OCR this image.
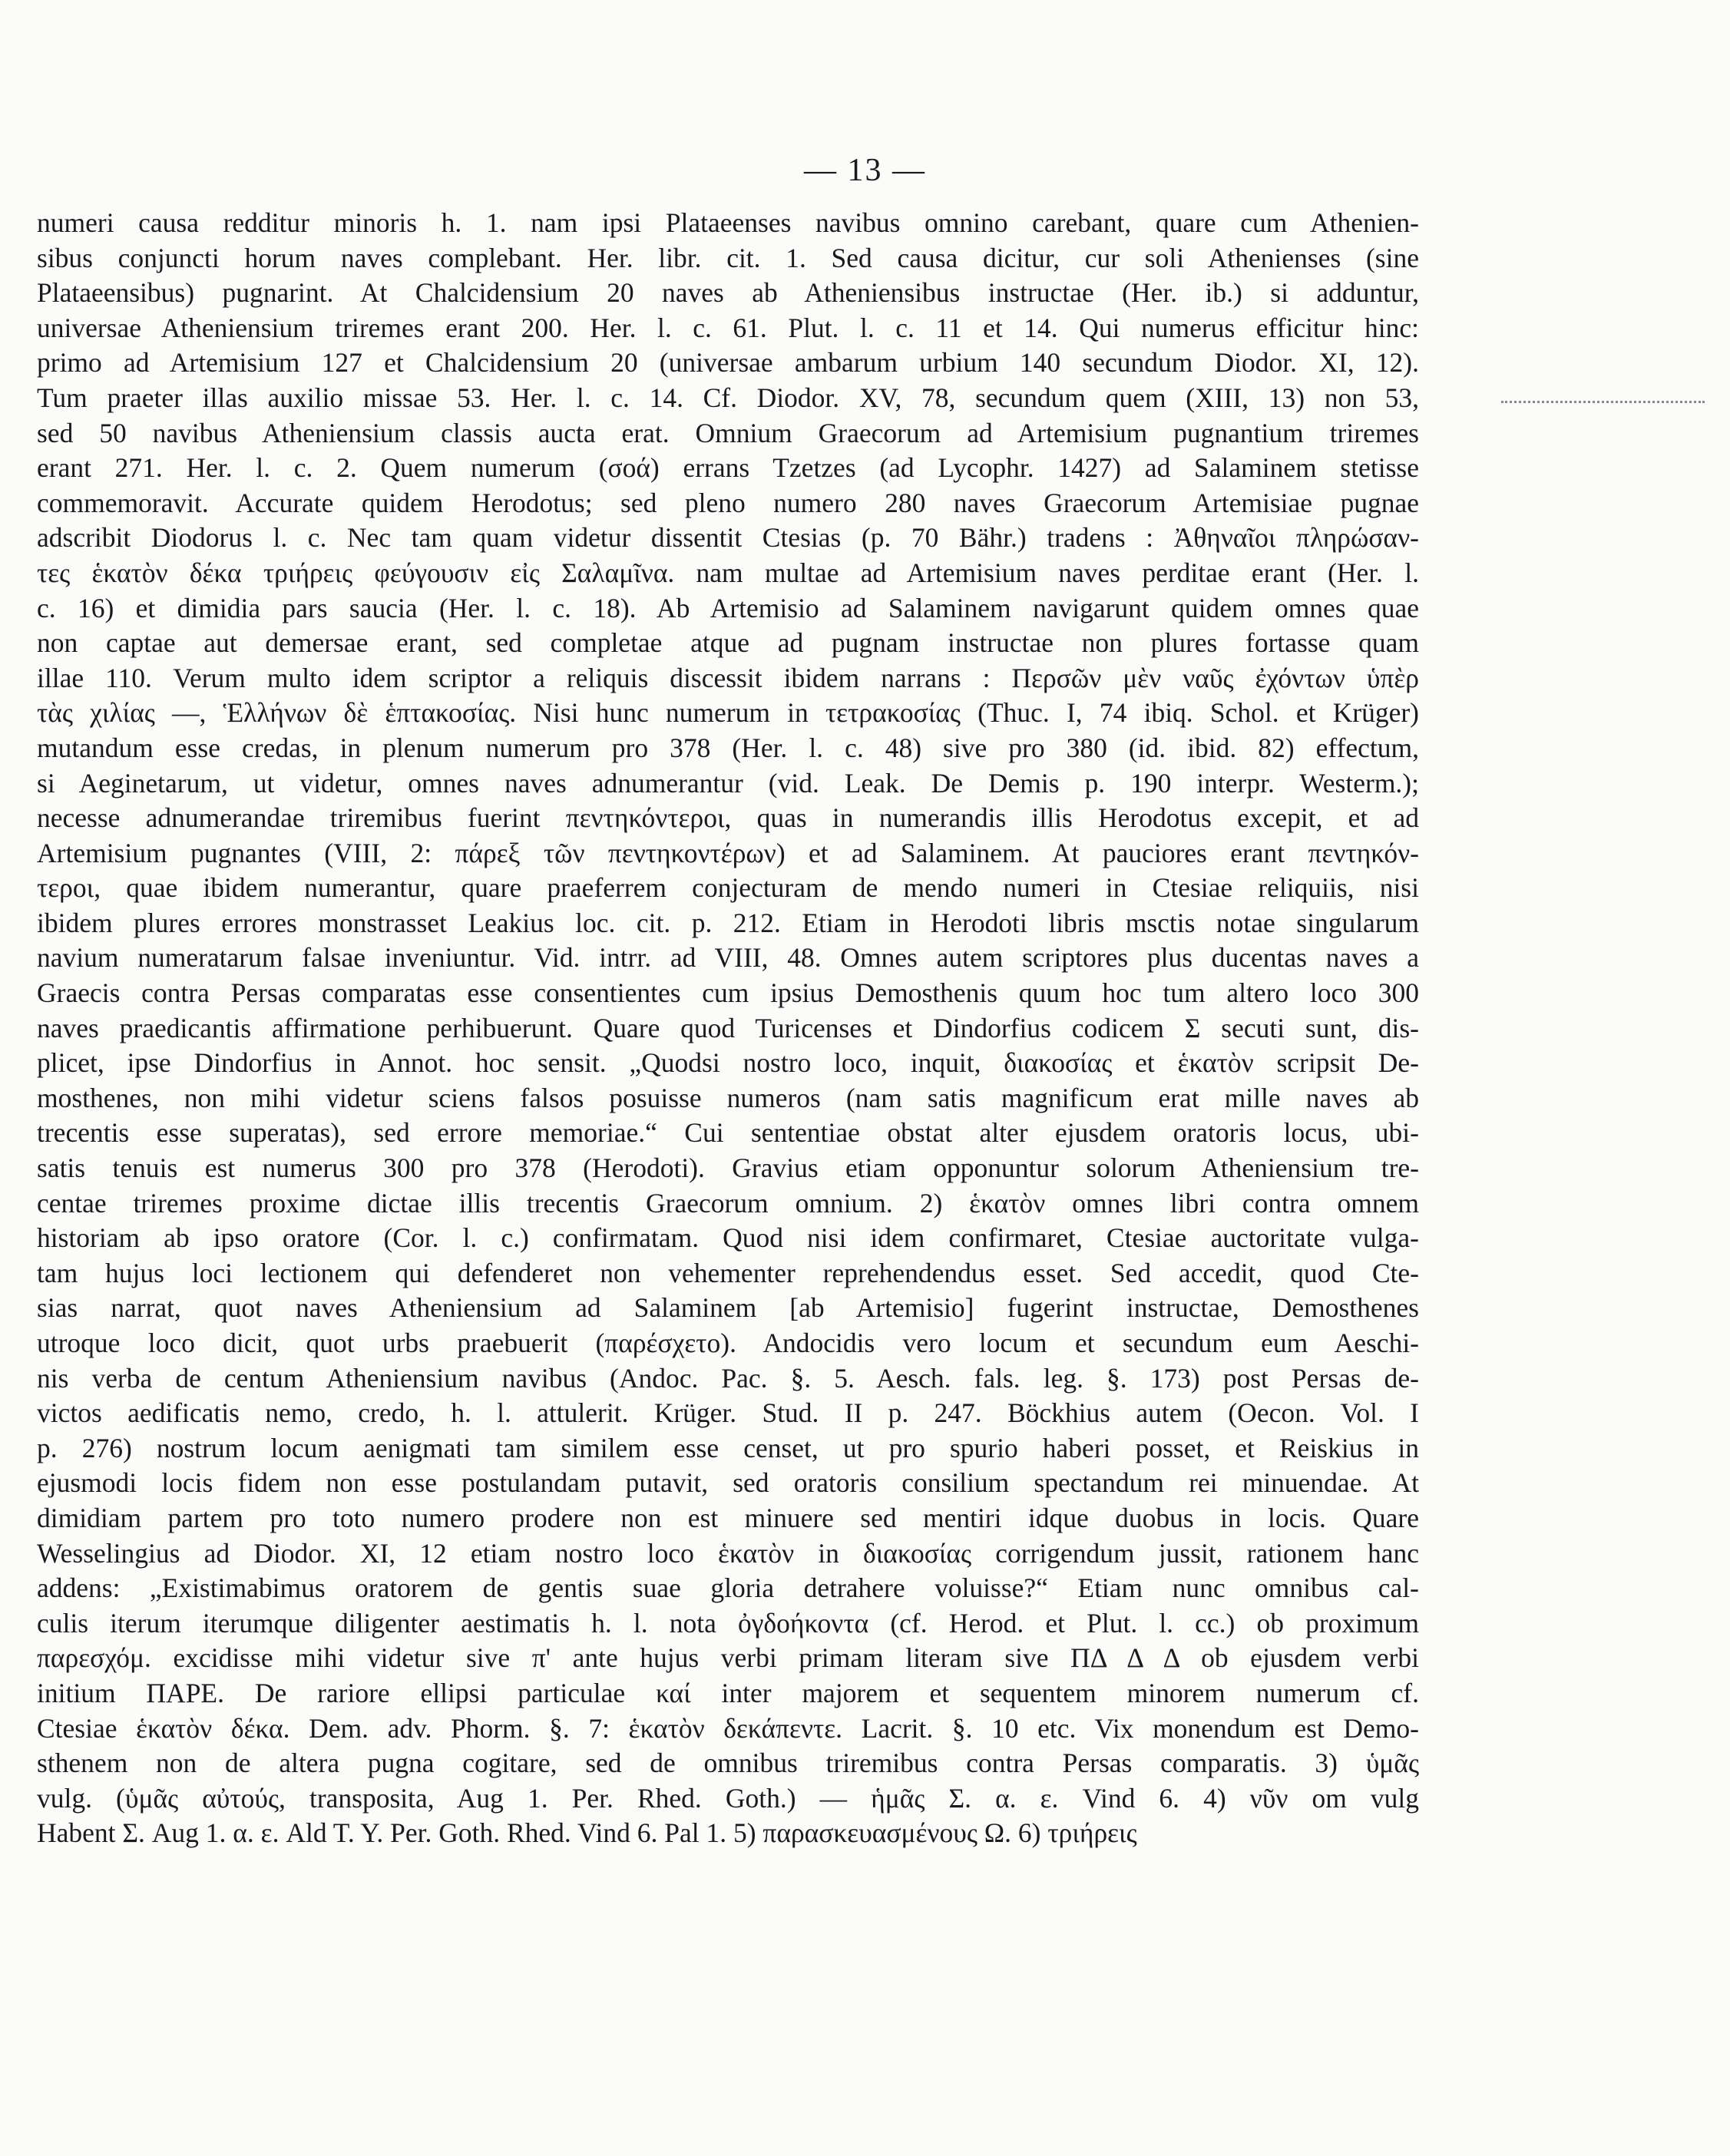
— 13 —
numeri causa redditur minoris h. 1. nam ipsi Plataeenses navibus omnino carebant, quare cum Athenien-
sibus conjuncti horum naves complebant. Her. libr. cit. 1. Sed causa dicitur, cur soli Athenienses (sine
Plataeensibus) pugnarint. At Chalcidensium 20 naves ab Atheniensibus instructae (Her. ib.) si adduntur,
universae Atheniensium triremes erant 200. Her. l. c. 61. Plut. l. c. 11 et 14. Qui numerus efficitur hinc:
primo ad Artemisium 127 et Chalcidensium 20 (universae ambarum urbium 140 secundum Diodor. XI, 12).
Tum praeter illas auxilio missae 53. Her. l. c. 14. Cf. Diodor. XV, 78, secundum quem (XIII, 13) non 53,
sed 50 navibus Atheniensium classis aucta erat. Omnium Graecorum ad Artemisium pugnantium triremes
erant 271. Her. l. c. 2. Quem numerum (σοά) errans Tzetzes (ad Lycophr. 1427) ad Salaminem stetisse
commemoravit. Accurate quidem Herodotus; sed pleno numero 280 naves Graecorum Artemisiae pugnae
adscribit Diodorus l. c. Nec tam quam videtur dissentit Ctesias (p. 70 Bähr.) tradens : Ἀθηναῖοι πληρώσαν-
τες ἑκατὸν δέκα τριήρεις φεύγουσιν εἰς Σαλαμῖνα. nam multae ad Artemisium naves perditae erant (Her. l.
c. 16) et dimidia pars saucia (Her. l. c. 18). Ab Artemisio ad Salaminem navigarunt quidem omnes quae
non captae aut demersae erant, sed completae atque ad pugnam instructae non plures fortasse quam
illae 110. Verum multo idem scriptor a reliquis discessit ibidem narrans : Περσῶν μὲν ναῦς ἐχόντων ὑπὲρ
τὰς χιλίας —, Ἑλλήνων δὲ ἑπτακοσίας. Nisi hunc numerum in τετρακοσίας (Thuc. I, 74 ibiq. Schol. et Krüger)
mutandum esse credas, in plenum numerum pro 378 (Her. l. c. 48) sive pro 380 (id. ibid. 82) effectum,
si Aeginetarum, ut videtur, omnes naves adnumerantur (vid. Leak. De Demis p. 190 interpr. Westerm.);
necesse adnumerandae triremibus fuerint πεντηκόντεροι, quas in numerandis illis Herodotus excepit, et ad
Artemisium pugnantes (VIII, 2: πάρεξ τῶν πεντηκοντέρων) et ad Salaminem. At pauciores erant πεντηκόν-
τεροι, quae ibidem numerantur, quare praeferrem conjecturam de mendo numeri in Ctesiae reliquiis, nisi
ibidem plures errores monstrasset Leakius loc. cit. p. 212. Etiam in Herodoti libris msctis notae singularum
navium numeratarum falsae inveniuntur. Vid. intrr. ad VIII, 48. Omnes autem scriptores plus ducentas naves a
Graecis contra Persas comparatas esse consentientes cum ipsius Demosthenis quum hoc tum altero loco 300
naves praedicantis affirmatione perhibuerunt. Quare quod Turicenses et Dindorfius codicem Σ secuti sunt, dis-
plicet, ipse Dindorfius in Annot. hoc sensit. „Quodsi nostro loco, inquit, διακοσίας et ἑκατὸν scripsit De-
mosthenes, non mihi videtur sciens falsos posuisse numeros (nam satis magnificum erat mille naves ab
trecentis esse superatas), sed errore memoriae.“ Cui sententiae obstat alter ejusdem oratoris locus, ubi-
satis tenuis est numerus 300 pro 378 (Herodoti). Gravius etiam opponuntur solorum Atheniensium tre-
centae triremes proxime dictae illis trecentis Graecorum omnium. 2) ἑκατὸν omnes libri contra omnem
historiam ab ipso oratore (Cor. l. c.) confirmatam. Quod nisi idem confirmaret, Ctesiae auctoritate vulga-
tam hujus loci lectionem qui defenderet non vehementer reprehendendus esset. Sed accedit, quod Cte-
sias narrat, quot naves Atheniensium ad Salaminem [ab Artemisio] fugerint instructae, Demosthenes
utroque loco dicit, quot urbs praebuerit (παρέσχετο). Andocidis vero locum et secundum eum Aeschi-
nis verba de centum Atheniensium navibus (Andoc. Pac. §. 5. Aesch. fals. leg. §. 173) post Persas de-
victos aedificatis nemo, credo, h. l. attulerit. Krüger. Stud. II p. 247. Böckhius autem (Oecon. Vol. I
p. 276) nostrum locum aenigmati tam similem esse censet, ut pro spurio haberi posset, et Reiskius in
ejusmodi locis fidem non esse postulandam putavit, sed oratoris consilium spectandum rei minuendae. At
dimidiam partem pro toto numero prodere non est minuere sed mentiri idque duobus in locis. Quare
Wesselingius ad Diodor. XI, 12 etiam nostro loco ἑκατὸν in διακοσίας corrigendum jussit, rationem hanc
addens: „Existimabimus oratorem de gentis suae gloria detrahere voluisse?“ Etiam nunc omnibus cal-
culis iterum iterumque diligenter aestimatis h. l. nota ὀγδοήκοντα (cf. Herod. et Plut. l. cc.) ob proximum
παρεσχόμ. excidisse mihi videtur sive π' ante hujus verbi primam literam sive ΠΔ Δ Δ ob ejusdem verbi
initium ΠΑΡΕ. De rariore ellipsi particulae καί inter majorem et sequentem minorem numerum cf.
Ctesiae ἑκατὸν δέκα. Dem. adv. Phorm. §. 7: ἑκατὸν δεκάπεντε. Lacrit. §. 10 etc. Vix monendum est Demo-
sthenem non de altera pugna cogitare, sed de omnibus triremibus contra Persas comparatis. 3) ὑμᾶς
vulg. (ὑμᾶς αὐτούς, transposita, Aug 1. Per. Rhed. Goth.) — ἡμᾶς Σ. α. ε. Vind 6. 4) νῦν om vulg
Habent Σ. Aug 1. α. ε. Ald T. Y. Per. Goth. Rhed. Vind 6. Pal 1. 5) παρασκευασμένους Ω. 6) τριήρεις
